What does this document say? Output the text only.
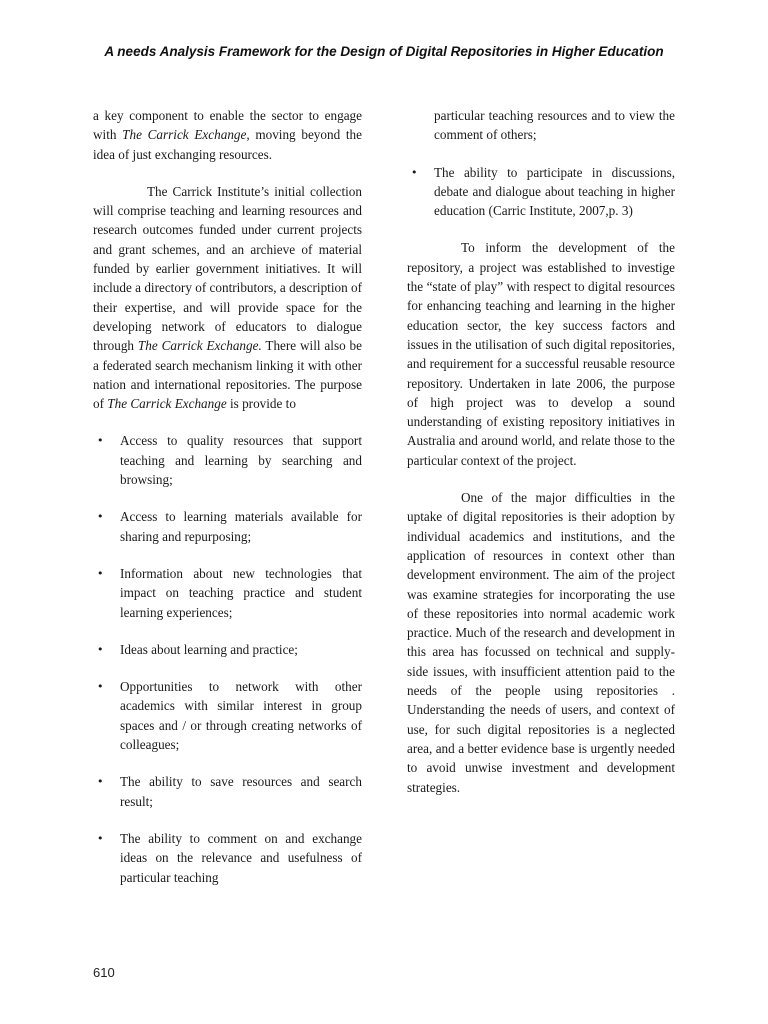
A needs Analysis Framework for the Design of Digital Repositories in Higher Education

a key component to enable the sector to engage with The Carrick Exchange, moving beyond the idea of just exchanging resources.

The Carrick Institute’s initial collection will comprise teaching and learning resources and research outcomes funded under current projects and grant schemes, and an archieve of material funded by earlier government initiatives. It will include a directory of contributors, a description of their expertise, and will provide space for the developing network of educators to dialogue through The Carrick Exchange. There will also be a federated search mechanism linking it with other nation and international repositories. The purpose of The Carrick Exchange is provide to

• Access to quality resources that support teaching and learning by searching and browsing;
• Access to learning materials available for sharing and repurposing;
• Information about new technologies that impact on teaching practice and student learning experiences;
• Ideas about learning and practice;
• Opportunities to network with other academics with similar interest in group spaces and / or through creating networks of colleagues;
• The ability to save resources and search result;
• The ability to comment on and exchange ideas on the relevance and usefulness of particular teaching

particular teaching resources and to view the comment of others;

• The ability to participate in discussions, debate and dialogue about teaching in higher education (Carric Institute, 2007,p. 3)

To inform the development of the repository, a project was established to investige the “state of play” with respect to digital resources for enhancing teaching and learning in the higher education sector, the key success factors and issues in the utilisation of such digital repositories, and requirement for a successful reusable resource repository. Undertaken in late 2006, the purpose of high project was to develop a sound understanding of existing repository initiatives in Australia and around world, and relate those to the particular context of the project.

One of the major difficulties in the uptake of digital repositories is their adoption by individual academics and institutions, and the application of resources in context other than development environment. The aim of the project was examine strategies for incorporating the use of these repositories into normal academic work practice. Much of the research and development in this area has focussed on technical and supply-side issues, with insufficient attention paid to the needs of the people using repositories . Understanding the needs of users, and context of use, for such digital repositories is a neglected area, and a better evidence base is urgently needed to avoid unwise investment and development strategies.

610
